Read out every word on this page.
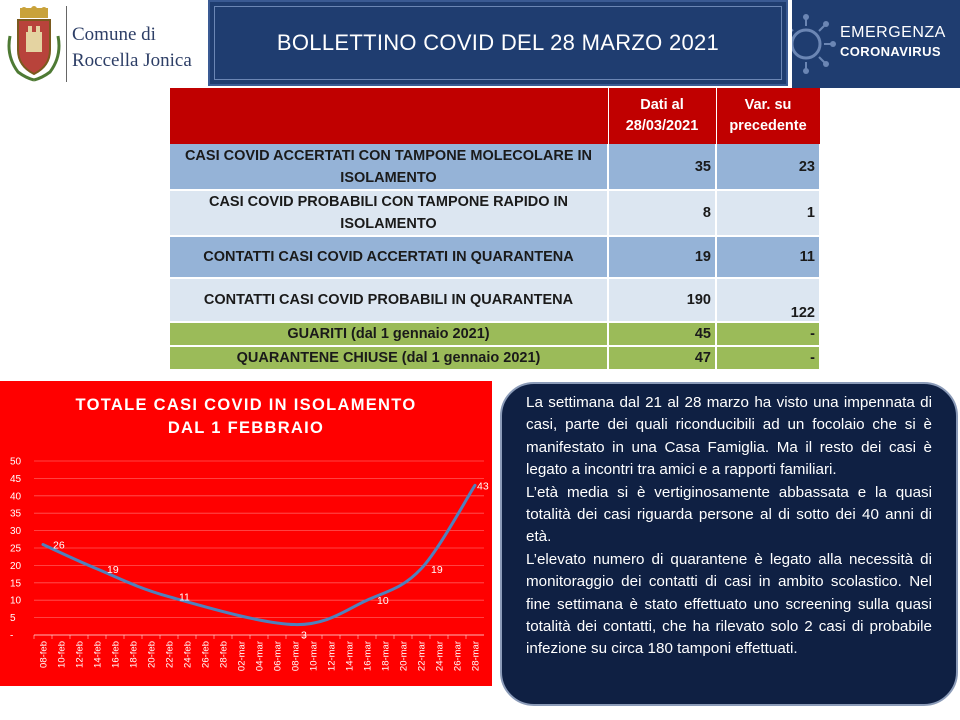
Comune di
Roccella Jonica
BOLLETTINO COVID DEL 28 MARZO 2021	EMERGENZA
CORONAVIRUS
	Dati al 28/03/2021	Var. su precedente
CASI COVID ACCERTATI CON TAMPONE MOLECOLARE IN ISOLAMENTO	35	23
CASI COVID PROBABILI CON TAMPONE RAPIDO IN ISOLAMENTO	8	1
CONTATTI CASI COVID ACCERTATI IN QUARANTENA	19	11
CONTATTI CASI COVID PROBABILI IN QUARANTENA	190	122
GUARITI (dal 1 gennaio 2021)	45	-
QUARANTENE CHIUSE (dal 1 gennaio 2021)	47	-
-
5
10
15
20
25
30
35
40
45
50
08-feb 10-feb 12-feb 14-feb 16-feb 18-feb 20-feb 22-feb 24-feb 26-feb 28-feb 02-mar 04-mar 06-mar 08-mar 10-mar 12-mar 14-mar 16-mar 18-mar 20-mar 22-mar 24-mar 26-mar 28-mar
26
19
11
3
10
19
43
TOTALE CASI COVID IN ISOLAMENTO
DAL 1 FEBBRAIO

La settimana dal 21 al 28 marzo ha visto una impennata di casi, parte dei quali riconducibili ad un focolaio che si è manifestato in una Casa Famiglia. Ma il resto dei casi è legato a incontri tra amici e a rapporti familiari.

L’età media si è vertiginosamente abbassata e la quasi totalità dei casi riguarda persone al di sotto dei 40 anni di età.

L’elevato numero di quarantene è legato alla necessità di monitoraggio dei contatti di casi in ambito scolastico. Nel fine settimana è stato effettuato uno screening sulla quasi totalità dei contatti, che ha rilevato solo 2 casi di probabile infezione su circa 180 tamponi effettuati.
